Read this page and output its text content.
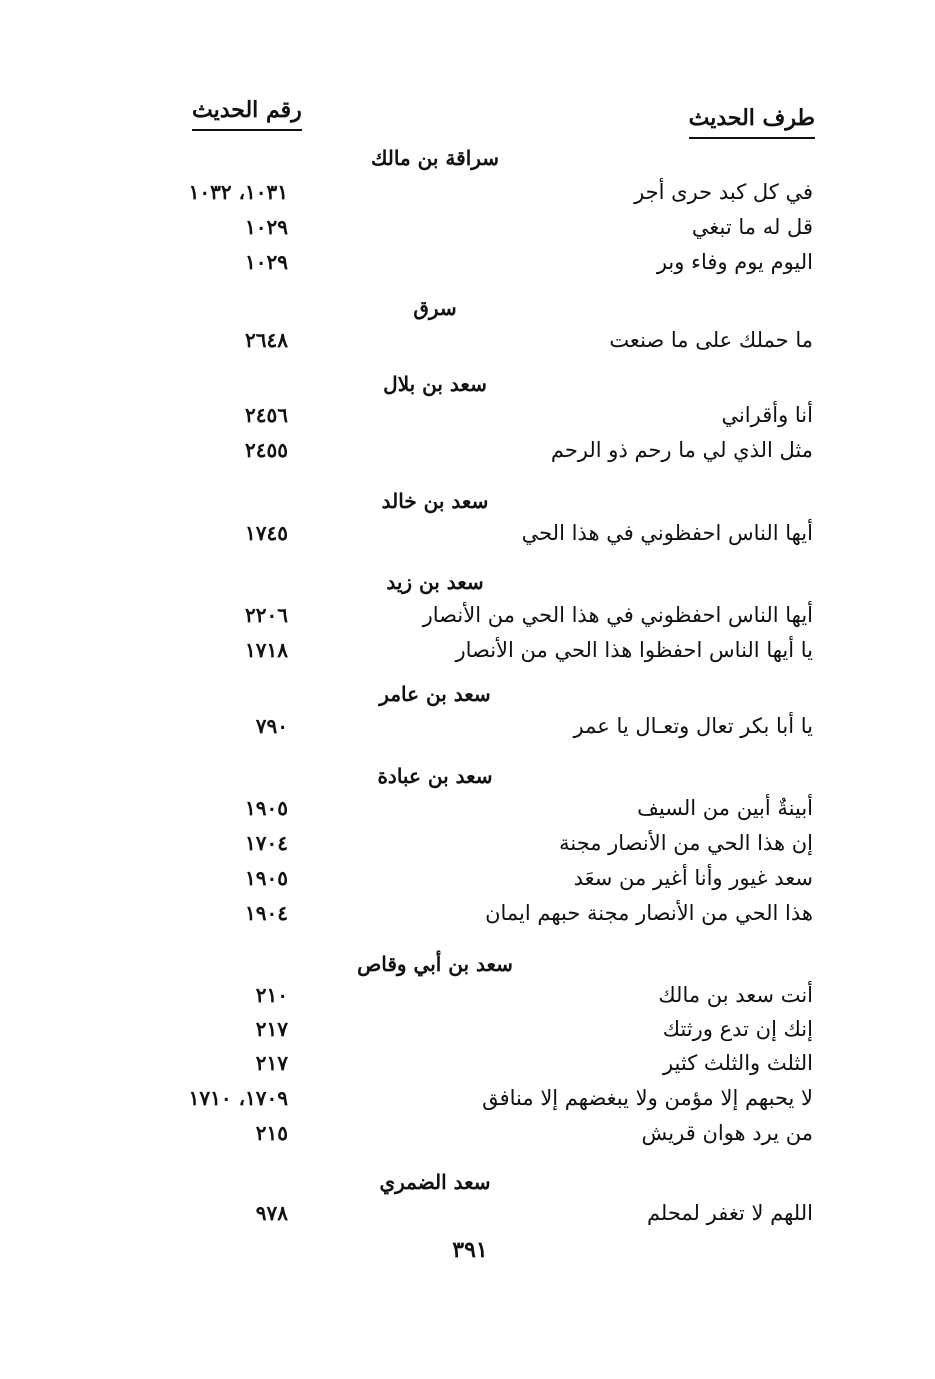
طرف الحديث
رقم الحديث
سراقة بن مالك
في كل كبد حرى أجر
١٠٣١، ١٠٣٢
قل له ما تبغي
١٠٢٩
اليوم يوم وفاء وبر
١٠٢٩
سرق
ما حملك على ما صنعت
٢٦٤٨
سعد بن بلال
أنا وأقراني
٢٤٥٦
مثل الذي لي ما رحم ذو الرحم
٢٤٥٥
سعد بن خالد
أيها الناس احفظوني في هذا الحي
١٧٤٥
سعد بن زيد
أيها الناس احفظوني في هذا الحي من الأنصار
٢٢٠٦
يا أيها الناس احفظوا هذا الحي من الأنصار
١٧١٨
سعد بن عامر
يا أبا بكر تعال وتعـال يا عمر
٧٩٠
سعد بن عبادة
أبينةٌ أبين من السيف
١٩٠٥
إن هذا الحي من الأنصار مجنة
١٧٠٤
سعد غيور وأنا أغير من سعَد
١٩٠٥
هذا الحي من الأنصار مجنة حبهم ايمان
١٩٠٤
سعد بن أبي وقاص
أنت سعد بن مالك
٢١٠
إنك إن تدع ورثتك
٢١٧
الثلث والثلث كثير
٢١٧
لا يحبهم إلا مؤمن ولا يبغضهم إلا منافق
١٧٠٩، ١٧١٠
من يرد هوان قريش
٢١٥
سعد الضمري
اللهم لا تغفر لمحلم
٩٧٨
٣٩١
